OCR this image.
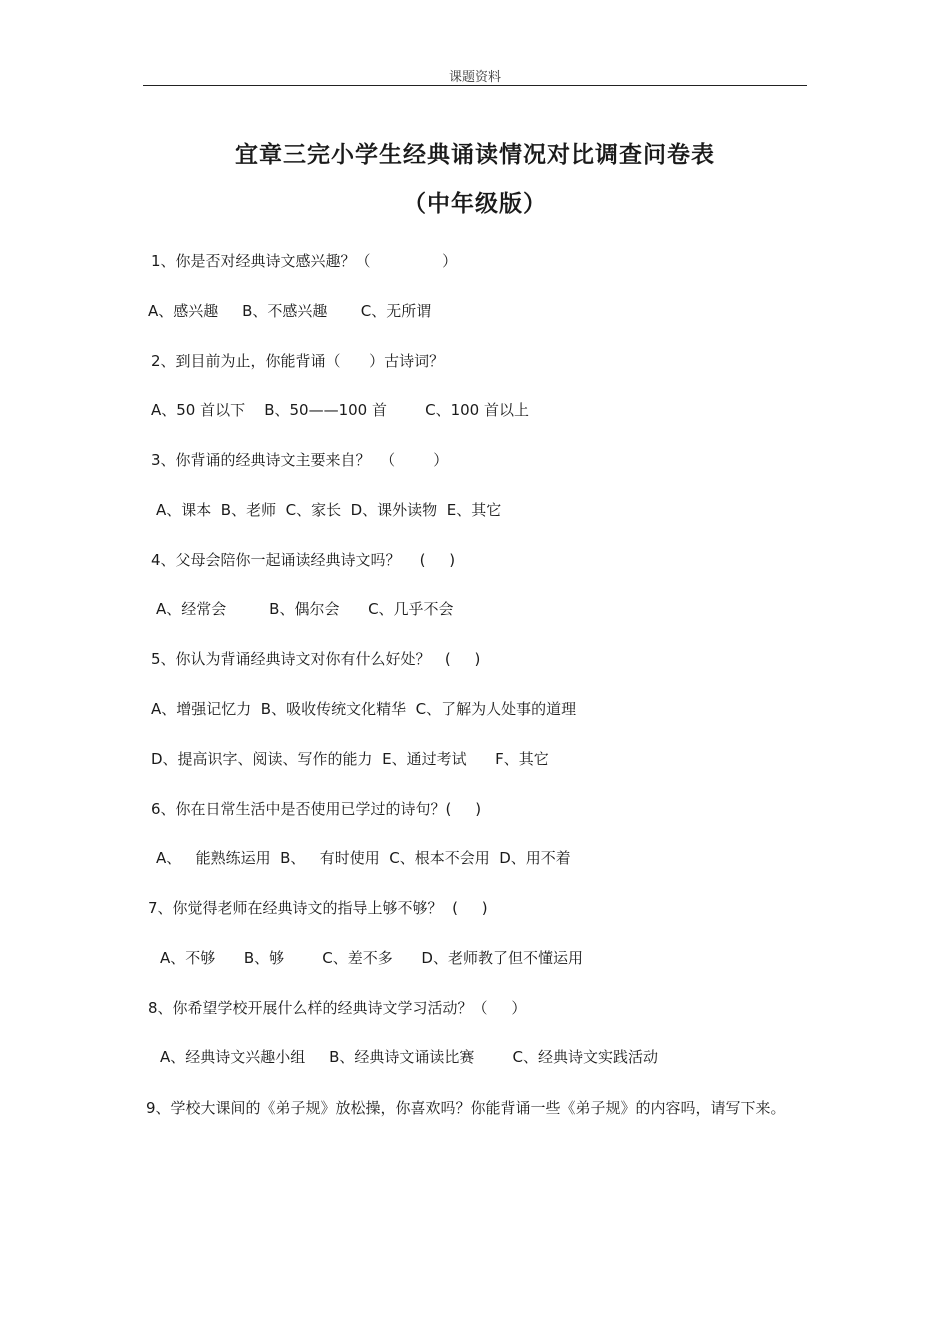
课题资料
宜章三完小学生经典诵读情况对比调查问卷表
（中年级版）
1、你是否对经典诗文感兴趣？（               ）
A、感兴趣     B、不感兴趣       C、无所谓
2、到目前为止，你能背诵（      ）古诗词？
A、50 首以下    B、50——100 首        C、100 首以上
3、你背诵的经典诗文主要来自？  （        ）
A、课本  B、老师  C、家长  D、课外读物  E、其它
4、父母会陪你一起诵读经典诗文吗？    (     )
A、经常会         B、偶尔会      C、几乎不会
5、你认为背诵经典诗文对你有什么好处？   (     )
A、增强记忆力  B、吸收传统文化精华  C、了解为人处事的道理
D、提高识字、阅读、写作的能力  E、通过考试      F、其它
6、你在日常生活中是否使用已学过的诗句？(     )
A、   能熟练运用  B、   有时使用  C、根本不会用  D、用不着
7、你觉得老师在经典诗文的指导上够不够？  (     )
A、不够      B、够        C、差不多      D、老师教了但不懂运用
8、你希望学校开展什么样的经典诗文学习活动？（     ）
A、经典诗文兴趣小组     B、经典诗文诵读比赛        C、经典诗文实践活动
9、学校大课间的《弟子规》放松操，你喜欢吗？你能背诵一些《弟子规》的内容吗，请写下来。
